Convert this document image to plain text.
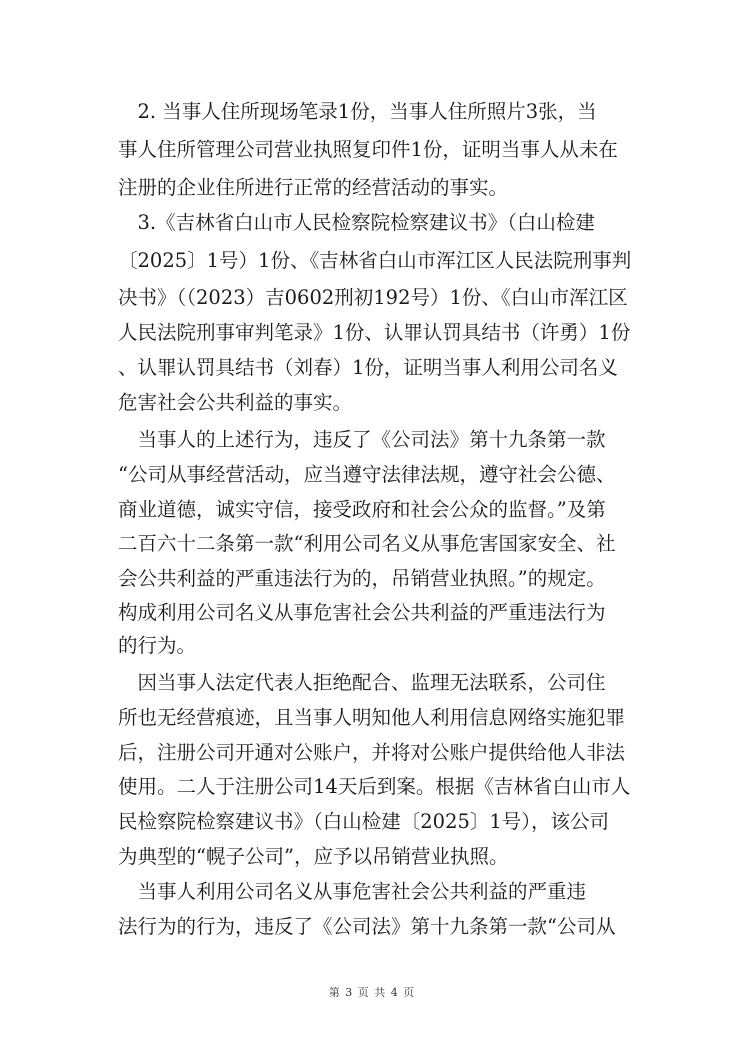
　2. 当事人住所现场笔录1份，当事人住所照片3张，当
事人住所管理公司营业执照复印件1份，证明当事人从未在
注册的企业住所进行正常的经营活动的事实。
　3.《吉林省白山市人民检察院检察建议书》（白山检建
〔2025〕1号）1份、《吉林省白山市浑江区人民法院刑事判
决书》（（2023）吉0602刑初192号）1份、《白山市浑江区
人民法院刑事审判笔录》1份、认罪认罚具结书（许勇）1份
、认罪认罚具结书（刘春）1份，证明当事人利用公司名义
危害社会公共利益的事实。
　当事人的上述行为，违反了《公司法》第十九条第一款
“公司从事经营活动，应当遵守法律法规，遵守社会公德、
商业道德，诚实守信，接受政府和社会公众的监督。”及第
二百六十二条第一款“利用公司名义从事危害国家安全、社
会公共利益的严重违法行为的，吊销营业执照。”的规定。
构成利用公司名义从事危害社会公共利益的严重违法行为
的行为。
　因当事人法定代表人拒绝配合、监理无法联系，公司住
所也无经营痕迹，且当事人明知他人利用信息网络实施犯罪
后，注册公司开通对公账户，并将对公账户提供给他人非法
使用。二人于注册公司14天后到案。根据《吉林省白山市人
民检察院检察建议书》（白山检建〔2025〕1号），该公司
为典型的“幌子公司”，应予以吊销营业执照。
　当事人利用公司名义从事危害社会公共利益的严重违
法行为的行为，违反了《公司法》第十九条第一款“公司从
第 3 页 共 4 页
